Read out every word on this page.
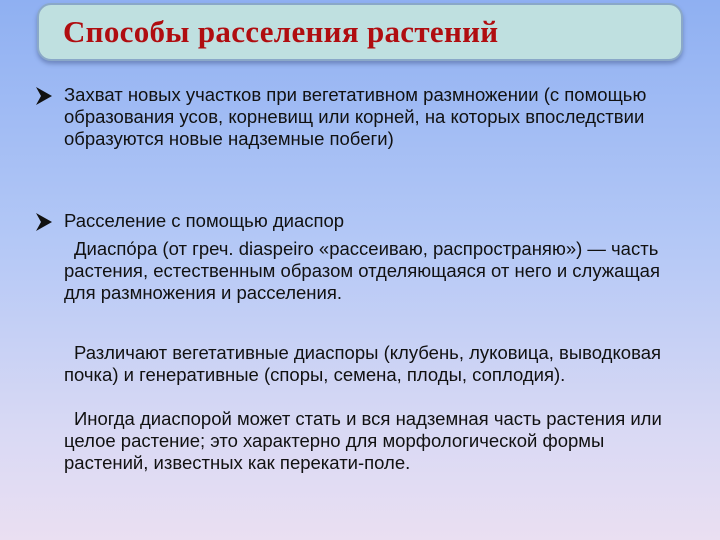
Способы расселения растений

Захват новых участков при вегетативном размножении (с помощью образования усов, корневищ или корней, на которых впоследствии образуются новые надземные побеги)

Расселение с помощью диаспор

Диаспо́ра (от греч. diaspeiro «рассеиваю, распространяю») — часть растения, естественным образом отделяющаяся от него и служащая для размножения и расселения.

Различают вегетативные диаспоры (клубень, луковица, выводковая почка) и генеративные (споры, семена, плоды, соплодия).

Иногда диаспорой может стать и вся надземная часть растения или целое растение; это характерно для морфологической формы растений, известных как перекати-поле.
